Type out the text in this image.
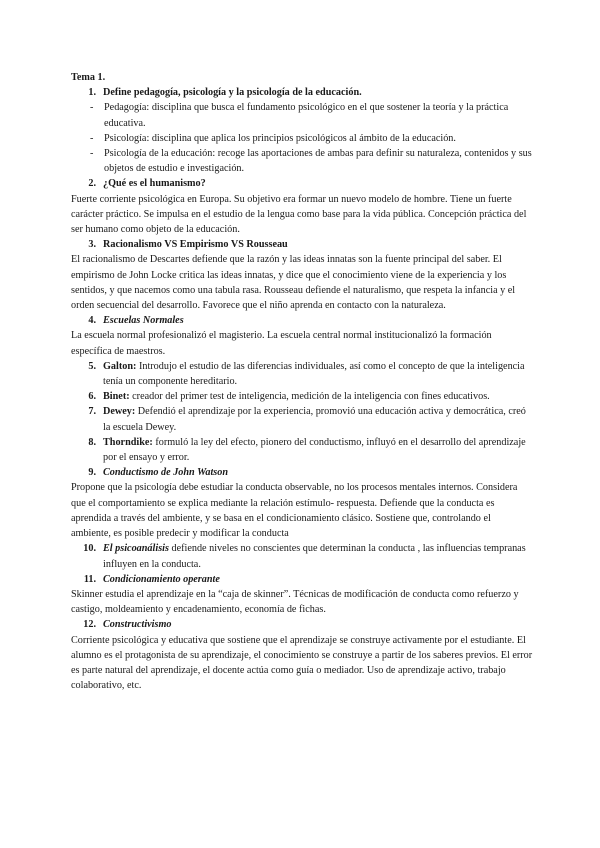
Tema 1.

1. Define pedagogía, psicología y la psicología de la educación.
-	Pedagogía: disciplina que busca el fundamento psicológico en el que sostener la teoría y la práctica educativa.
-	Psicología: disciplina que aplica los principios psicológicos al ámbito de la educación.
-	Psicología de la educación: recoge las aportaciones de ambas para definir su naturaleza, contenidos y sus objetos de estudio e investigación.
2. ¿Qué es el humanismo?

Fuerte corriente psicológica en Europa. Su objetivo era formar un nuevo modelo de hombre. Tiene un fuerte carácter práctico. Se impulsa en el estudio de la lengua como base para la vida pública. Concepción práctica del ser humano como objeto de la educación.

3. Racionalismo VS Empirismo VS Rousseau

El racionalismo de Descartes defiende que la razón y las ideas innatas son la fuente principal del saber. El empirismo de John Locke critica las ideas innatas, y dice que el conocimiento viene de la experiencia y los sentidos, y que nacemos como una tabula rasa. Rousseau defiende el naturalismo, que respeta la infancia y el orden secuencial del desarrollo. Favorece que el niño aprenda en contacto con la naturaleza.

4. Escuelas Normales

La escuela normal profesionalizó el magisterio. La escuela central normal institucionalizó la formación específica de maestros.

5. Galton: Introdujo el estudio de las diferencias individuales, así como el concepto de que la inteligencia tenía un componente hereditario.
6. Binet: creador del primer test de inteligencia, medición de la inteligencia con fines educativos.
7. Dewey: Defendió el aprendizaje por la experiencia, promovió una educación activa y democrática, creó la escuela Dewey.
8. Thorndike: formuló la ley del efecto, pionero del conductismo, influyó en el desarrollo del aprendizaje por el ensayo y error.
9. Conductismo de John Watson

Propone que la psicología debe estudiar la conducta observable, no los procesos mentales internos. Considera que el comportamiento se explica mediante la relación estímulo- respuesta. Defiende que la conducta es aprendida a través del ambiente, y se basa en el condicionamiento clásico. Sostiene que, controlando el ambiente, es posible predecir y modificar la conducta

10. El psicoanálisis defiende niveles no conscientes que determinan la conducta , las influencias tempranas influyen en la conducta.
11. Condicionamiento operante

Skinner estudia el aprendizaje en la “caja de skinner”. Técnicas de modificación de conducta como refuerzo y castigo, moldeamiento y encadenamiento, economía de fichas.

12. Constructivismo

Corriente psicológica y educativa que sostiene que el aprendizaje se construye activamente por el estudiante. El alumno es el protagonista de su aprendizaje, el conocimiento se construye a partir de los saberes previos. El error es parte natural del aprendizaje, el docente actúa como guía o mediador. Uso de aprendizaje activo, trabajo colaborativo, etc.
